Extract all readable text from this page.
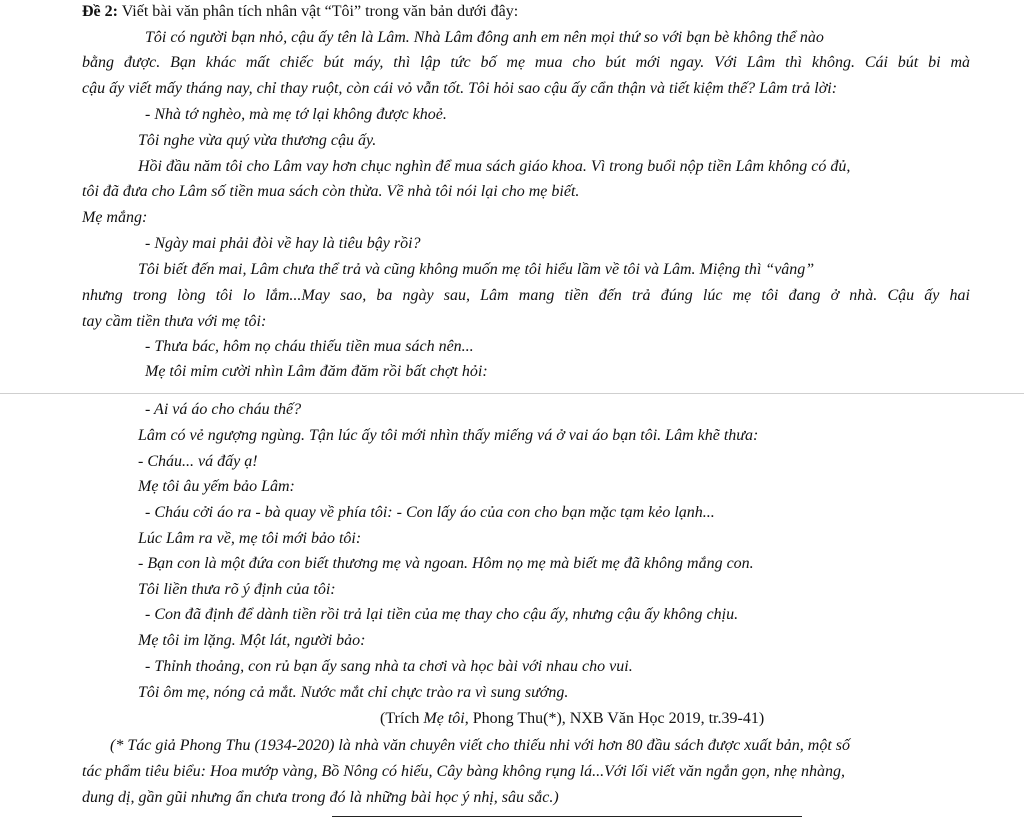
Đề 2: Viết bài văn phân tích nhân vật “Tôi” trong văn bản dưới đây:
Tôi có người bạn nhỏ, cậu ấy tên là Lâm. Nhà Lâm đông anh em nên mọi thứ so với bạn bè không thể nào
bằng được. Bạn khác mất chiếc bút máy, thì lập tức bố mẹ mua cho bút mới ngay. Với Lâm thì không. Cái bút bi mà
cậu ấy viết mấy tháng nay, chỉ thay ruột, còn cái vỏ vẫn tốt. Tôi hỏi sao cậu ấy cẩn thận và tiết kiệm thế? Lâm trả lời:
- Nhà tớ nghèo, mà mẹ tớ lại không được khoẻ.
Tôi nghe vừa quý vừa thương cậu ấy.
Hồi đầu năm tôi cho Lâm vay hơn chục nghìn để mua sách giáo khoa. Vì trong buổi nộp tiền Lâm không có đủ,
tôi đã đưa cho Lâm số tiền mua sách còn thừa. Về nhà tôi nói lại cho mẹ biết.
Mẹ mắng:
- Ngày mai phải đòi về hay là tiêu bậy rồi?
Tôi biết đến mai, Lâm chưa thể trả và cũng không muốn mẹ tôi hiểu lầm về tôi và Lâm. Miệng thì “vâng”
nhưng trong lòng tôi lo lắm...May sao, ba ngày sau, Lâm mang tiền đến trả đúng lúc mẹ tôi đang ở nhà. Cậu ấy hai
tay cầm tiền thưa với mẹ tôi:
- Thưa bác, hôm nọ cháu thiếu tiền mua sách nên...
Mẹ tôi mỉm cười nhìn Lâm đăm đăm rồi bất chợt hỏi:
- Ai vá áo cho cháu thế?
Lâm có vẻ ngượng ngùng. Tận lúc ấy tôi mới nhìn thấy miếng vá ở vai áo bạn tôi. Lâm khẽ thưa:
- Cháu... vá đấy ạ!
Mẹ tôi âu yếm bảo Lâm:
- Cháu cởi áo ra - bà quay về phía tôi: - Con lấy áo của con cho bạn mặc tạm kẻo lạnh...
Lúc Lâm ra về, mẹ tôi mới bảo tôi:
- Bạn con là một đứa con biết thương mẹ và ngoan. Hôm nọ mẹ mà biết mẹ đã không mắng con.
Tôi liền thưa rõ ý định của tôi:
- Con đã định để dành tiền rồi trả lại tiền của mẹ thay cho cậu ấy, nhưng cậu ấy không chịu.
Mẹ tôi im lặng. Một lát, người bảo:
- Thỉnh thoảng, con rủ bạn ấy sang nhà ta chơi và học bài với nhau cho vui.
Tôi ôm mẹ, nóng cả mắt. Nước mắt chỉ chực trào ra vì sung sướng.
(Trích Mẹ tôi, Phong Thu(*), NXB Văn Học 2019, tr.39-41)
(* Tác giả Phong Thu (1934-2020) là nhà văn chuyên viết cho thiếu nhi với hơn 80 đầu sách được xuất bản, một số
tác phẩm tiêu biểu: Hoa mướp vàng, Bồ Nông có hiếu, Cây bàng không rụng lá...Với lối viết văn ngắn gọn, nhẹ nhàng,
dung dị, gần gũi nhưng ẩn chưa trong đó là những bài học ý nhị, sâu sắc.)
